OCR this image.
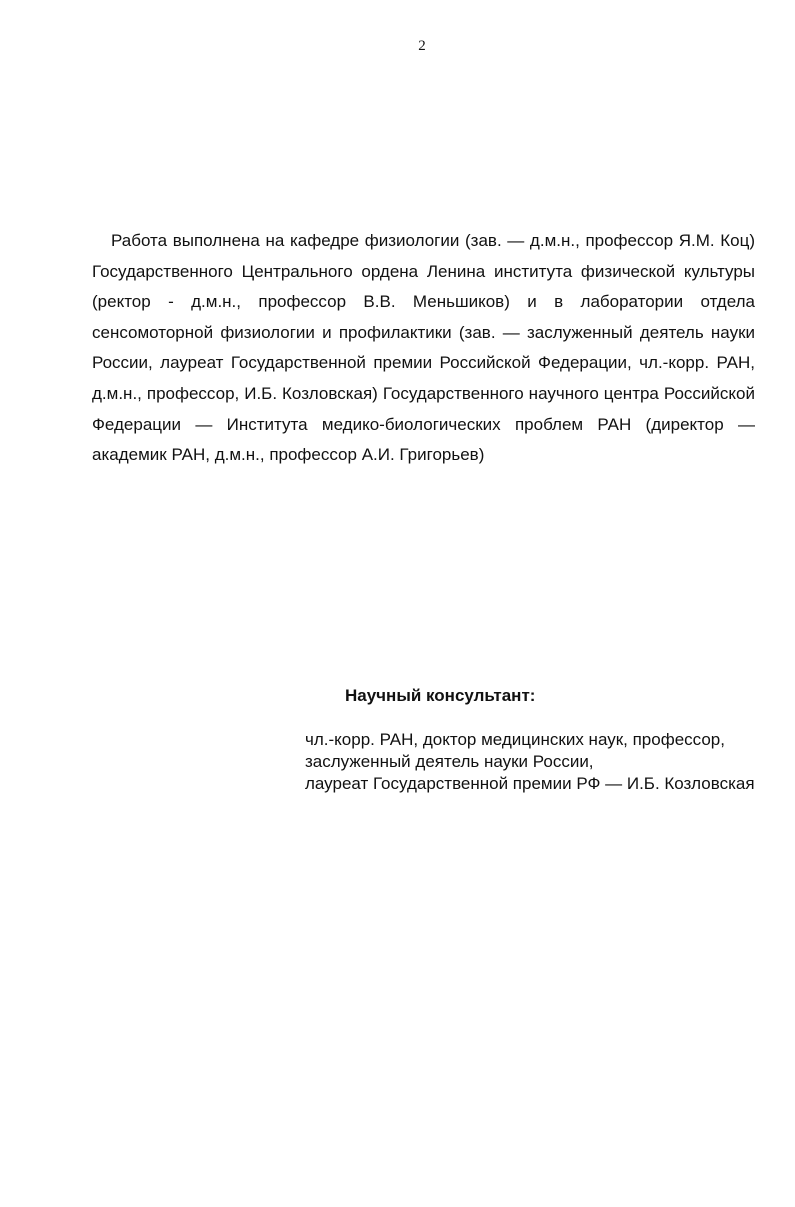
2

Работа выполнена на кафедре физиологии (зав. — д.м.н., профессор Я.М. Коц) Государственного Центрального ордена Ленина института физической культуры (ректор - д.м.н., профессор В.В. Меньшиков) и в лаборатории отдела сенсомоторной физиологии и профилактики (зав. — заслуженный деятель науки России, лауреат Государственной премии Российской Федерации, чл.-корр. РАН, д.м.н., профессор, И.Б. Козловская) Государственного научного центра Российской Федерации — Института медико-биологических проблем РАН (директор — академик РАН, д.м.н., профессор А.И. Григорьев)

Научный консультант:

чл.-корр. РАН, доктор медицинских наук, профессор,
заслуженный деятель науки России,
лауреат Государственной премии РФ — И.Б. Козловская
